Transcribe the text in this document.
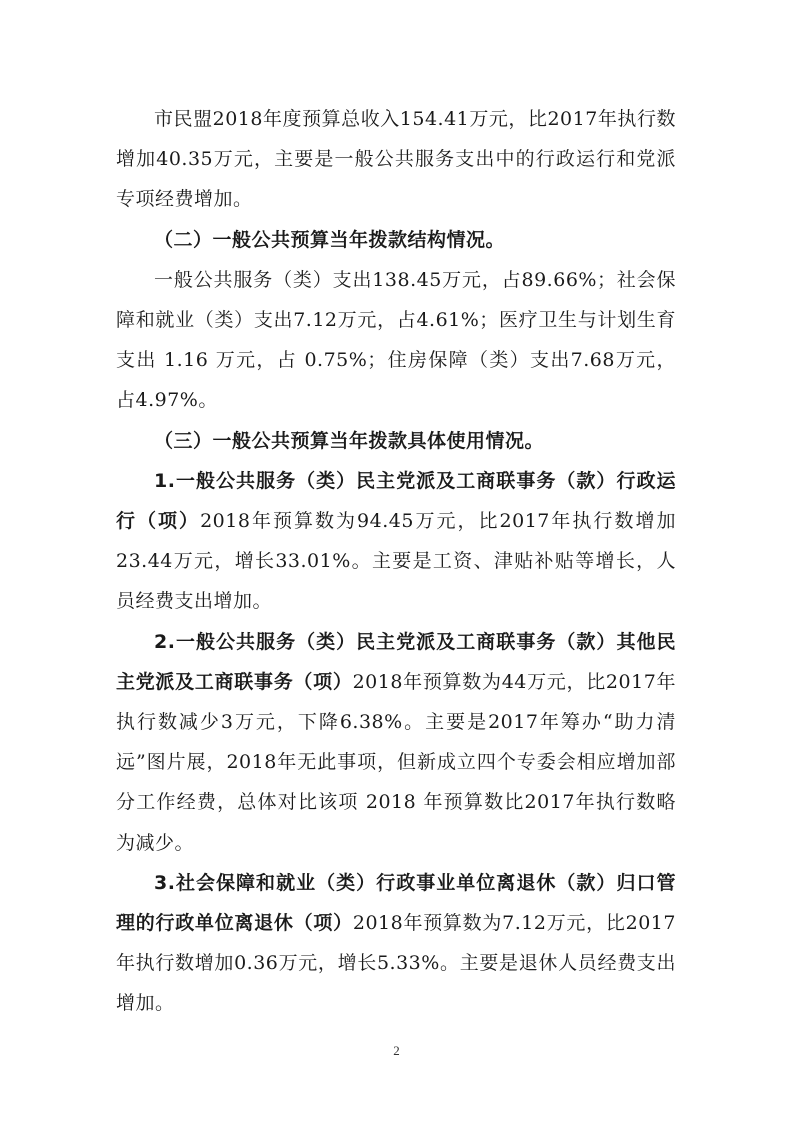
市民盟2018年度预算总收入154.41万元，比2017年执行数增加40.35万元，主要是一般公共服务支出中的行政运行和党派专项经费增加。

（二）一般公共预算当年拨款结构情况。

一般公共服务（类）支出138.45万元，占89.66%；社会保障和就业（类）支出7.12万元，占4.61%；医疗卫生与计划生育支出 1.16 万元，占 0.75%；住房保障（类）支出7.68万元，占4.97%。

（三）一般公共预算当年拨款具体使用情况。

1.一般公共服务（类）民主党派及工商联事务（款）行政运行（项）2018年预算数为94.45万元，比2017年执行数增加23.44万元，增长33.01%。主要是工资、津贴补贴等增长，人员经费支出增加。

2.一般公共服务（类）民主党派及工商联事务（款）其他民主党派及工商联事务（项）2018年预算数为44万元，比2017年执行数减少3万元，下降6.38%。主要是2017年筹办“助力清远”图片展，2018年无此事项，但新成立四个专委会相应增加部分工作经费，总体对比该项 2018 年预算数比2017年执行数略为减少。

3.社会保障和就业（类）行政事业单位离退休（款）归口管理的行政单位离退休（项）2018年预算数为7.12万元，比2017年执行数增加0.36万元，增长5.33%。主要是退休人员经费支出增加。

2
